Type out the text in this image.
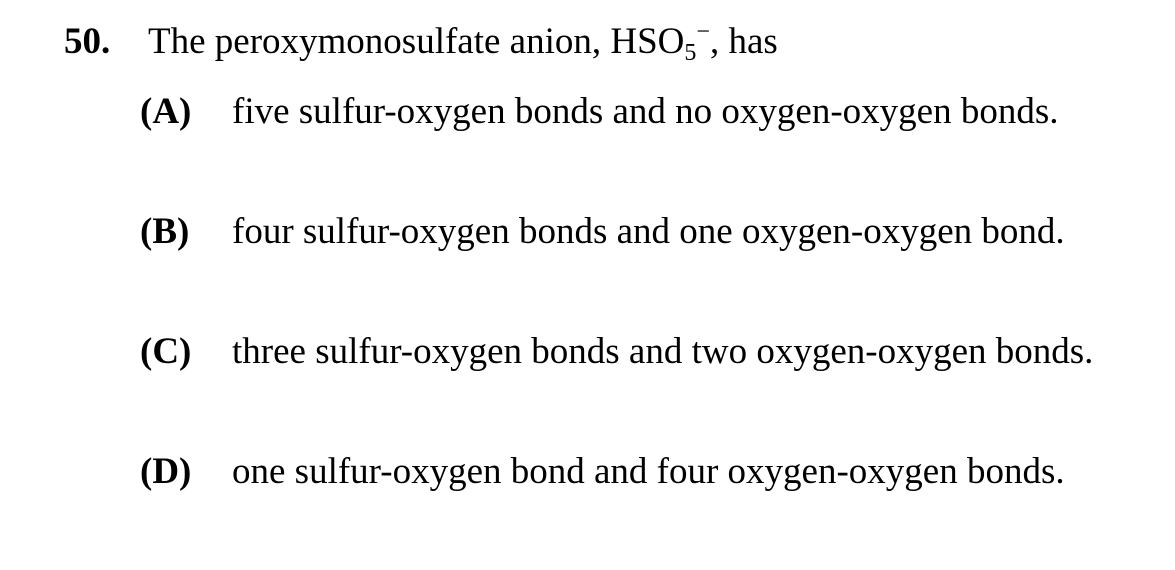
50. The peroxymonosulfate anion, $HSO_5^-$, has
(A) five sulfur-oxygen bonds and no oxygen-oxygen bonds.
(B) four sulfur-oxygen bonds and one oxygen-oxygen bond.
(C) three sulfur-oxygen bonds and two oxygen-oxygen bonds.
(D) one sulfur-oxygen bond and four oxygen-oxygen bonds.
